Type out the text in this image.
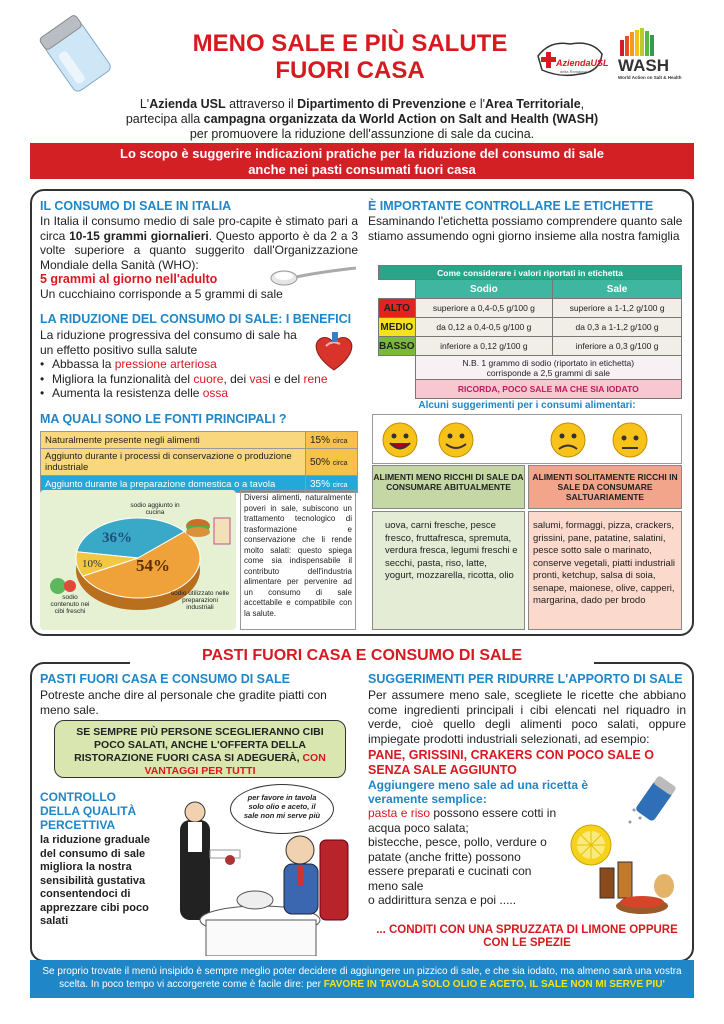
MENO SALE E PIÙ SALUTE
FUORI CASA	AziendaUSL
della Romagna WASH
World Action on Salt & Health
L'Azienda USL attraverso il Dipartimento di Prevenzione e l'Area Territoriale,
partecipa alla campagna organizzata da World Action on Salt and Health (WASH)
per promuovere la riduzione dell'assunzione di sale da cucina.
Lo scopo è suggerire indicazioni pratiche per la riduzione del consumo di sale
anche nei pasti consumati fuori casa
IL CONSUMO DI SALE IN ITALIA

In Italia il consumo medio di sale pro-capite è stimato pari a circa 10-15 grammi giornalieri. Questo apporto è da 2 a 3 volte superiore a quanto suggerito dall'Organizzazione Mondiale della Sanità (WHO):

5 grammi al giorno nell'adulto

Un cucchiaino corrisponde a 5 grammi di sale

LA RIDUZIONE DEL CONSUMO DI SALE: I BENEFICI

La riduzione progressiva del consumo di sale ha un effetto positivo sulla salute

• Abbassa la pressione arteriosa
• Migliora la funzionalità del cuore, dei vasi e del rene
• Aumenta la resistenza delle ossa
MA QUALI SONO LE FONTI PRINCIPALI ?
Naturalmente presente negli alimenti	15% circa
Aggiunto durante i processi di conservazione o produzione industriale	50% circa
Aggiunto durante la preparazione domestica o a tavola	35% circa
36%
54%
10%
sodio aggiunto in cucina
sodio contenuto nei cibi freschi
sodio utilizzato nelle preparazioni industriali
Diversi alimenti, naturalmente poveri in sale, subiscono un trattamento tecnologico di trasformazione e conservazione che li rende molto salati: questo spiega come sia indispensabile il contributo dell'industria alimentare per pervenire ad un consumo di sale accettabile e compatibile con la salute.
È IMPORTANTE CONTROLLARE LE ETICHETTE

Esaminando l'etichetta possiamo comprendere quanto sale stiamo assumendo ogni giorno insieme alla nostra famiglia

Come considerare i valori riportati in etichetta		
	Sodio	Sale
ALTO	superiore a 0,4-0,5 g/100 g	superiore a 1-1,2 g/100 g
MEDIO	da 0,12 a 0,4-0,5 g/100 g	da 0,3 a 1-1,2 g/100 g
BASSO	inferiore a 0,12 g/100 g	inferiore a 0,3 g/100 g
	N.B. 1 grammo di sodio (riportato in etichetta) corrisponde a 2,5 grammi di sale	
	RICORDA, POCO SALE MA CHE SIA IODATO	
Alcuni suggerimenti per i consumi alimentari:
ALIMENTI MENO RICCHI DI SALE DA CONSUMARE ABITUALMENTE
ALIMENTI SOLITAMENTE RICCHI IN SALE DA CONSUMARE SALTUARIAMENTE
uova, carni fresche, pesce fresco, fruttafresca, spremuta, verdura fresca, legumi freschi e secchi, pasta, riso, latte, yogurt, mozzarella, ricotta, olio
salumi, formaggi, pizza, crackers, grissini, pane, patatine, salatini, pesce sotto sale o marinato, conserve vegetali, piatti industriali pronti, ketchup, salsa di soia, senape, maionese, olive, capperi, margarina, dado per brodo
PASTI FUORI CASA E CONSUMO DI SALE
PASTI FUORI CASA E CONSUMO DI SALE

Potreste anche dire al personale che gradite piatti con meno sale.

SE SEMPRE PIÙ PERSONE SCEGLIERANNO CIBI POCO SALATI, ANCHE L'OFFERTA DELLA RISTORAZIONE FUORI CASA SI ADEGUERÀ, CON VANTAGGI PER TUTTI
CONTROLLO DELLA QUALITÀ PERCETTIVA

la riduzione graduale del consumo di sale migliora la nostra sensibilità gustativa consentendoci di apprezzare cibi poco salati

per favore in tavola solo olio e aceto, il sale non mi serve più
SUGGERIMENTI PER RIDURRE L'APPORTO DI SALE

Per assumere meno sale, scegliete le ricette che abbiano come ingredienti principali i cibi elencati nel riquadro in verde, cioè quello degli alimenti poco salati, oppure impiegate prodotti industriali selezionati, ad esempio:

PANE, GRISSINI, CRAKERS CON POCO SALE O SENZA SALE AGGIUNTO

Aggiungere meno sale ad una ricetta è veramente semplice:

pasta e riso possono essere cotti in acqua poco salata;

bistecche, pesce, pollo, verdure o patate (anche fritte) possono essere preparati e cucinati con meno sale

o addirittura senza e poi .....

... CONDITI CON UNA SPRUZZATA DI LIMONE OPPURE CON LE SPEZIE
Se proprio trovate il menù insipido è sempre meglio poter decidere di aggiungere un pizzico di sale, e che sia iodato, ma almeno sarà una vostra scelta. In poco tempo vi accorgerete come è facile dire: per FAVORE IN TAVOLA SOLO OLIO E ACETO, IL SALE NON MI SERVE PIU'
